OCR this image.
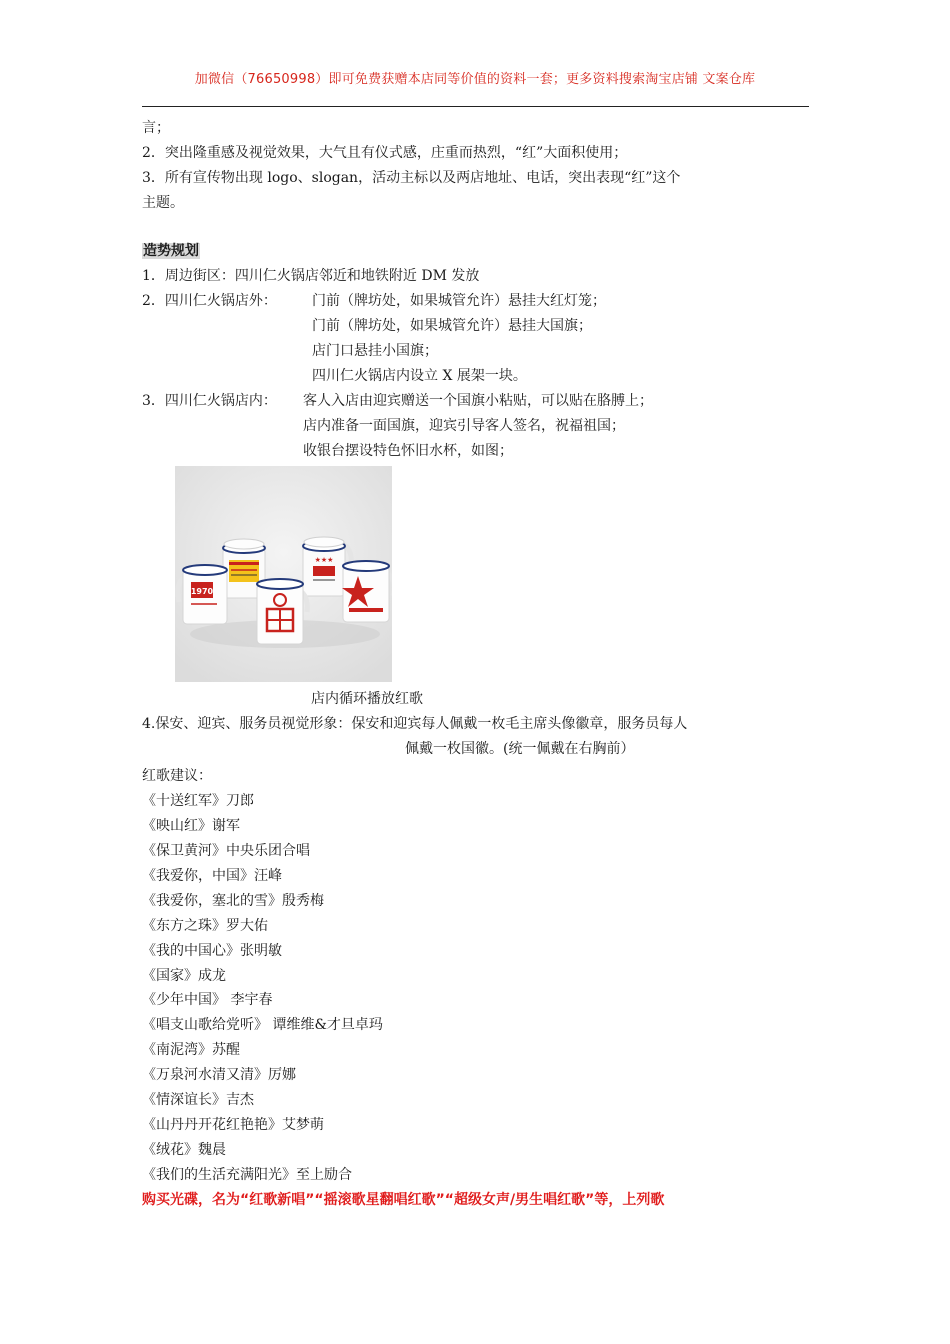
加微信（76650998）即可免费获赠本店同等价值的资料一套；更多资料搜索淘宝店铺 文案仓库
言；
2．突出隆重感及视觉效果，大气且有仪式感，庄重而热烈，“红”大面积使用；
3．所有宣传物出现 logo、slogan，活动主标以及两店地址、电话，突出表现“红”这个
主题。
造势规划
1．周边街区：四川仁火锅店邻近和地铁附近 DM 发放
2．四川仁火锅店外：	门前（牌坊处，如果城管允许）悬挂大红灯笼；
门前（牌坊处，如果城管允许）悬挂大国旗；
店门口悬挂小国旗；
四川仁火锅店内设立 X 展架一块。
3．四川仁火锅店内： 客人入店由迎宾赠送一个国旗小粘贴，可以贴在胳膊上；
店内准备一面国旗，迎宾引导客人签名，祝福祖国；
收银台摆设特色怀旧水杯，如图；
★★★
1970
店内循环播放红歌
4.保安、迎宾、服务员视觉形象：保安和迎宾每人佩戴一枚毛主席头像徽章，服务员每人
佩戴一枚国徽。(统一佩戴在右胸前）
红歌建议：
《十送红军》刀郎
《映山红》谢军
《保卫黄河》中央乐团合唱
《我爱你，中国》汪峰
《我爱你，塞北的雪》殷秀梅
《东方之珠》罗大佑
《我的中国心》张明敏
《国家》成龙
《少年中国》 李宇春
《唱支山歌给党听》 谭维维&才旦卓玛
《南泥湾》苏醒
《万泉河水清又清》厉娜
《情深谊长》吉杰
《山丹丹开花红艳艳》艾梦萌
《绒花》魏晨
《我们的生活充满阳光》至上励合
购买光碟，名为“红歌新唱”“摇滚歌星翻唱红歌”“超级女声/男生唱红歌”等，上列歌
